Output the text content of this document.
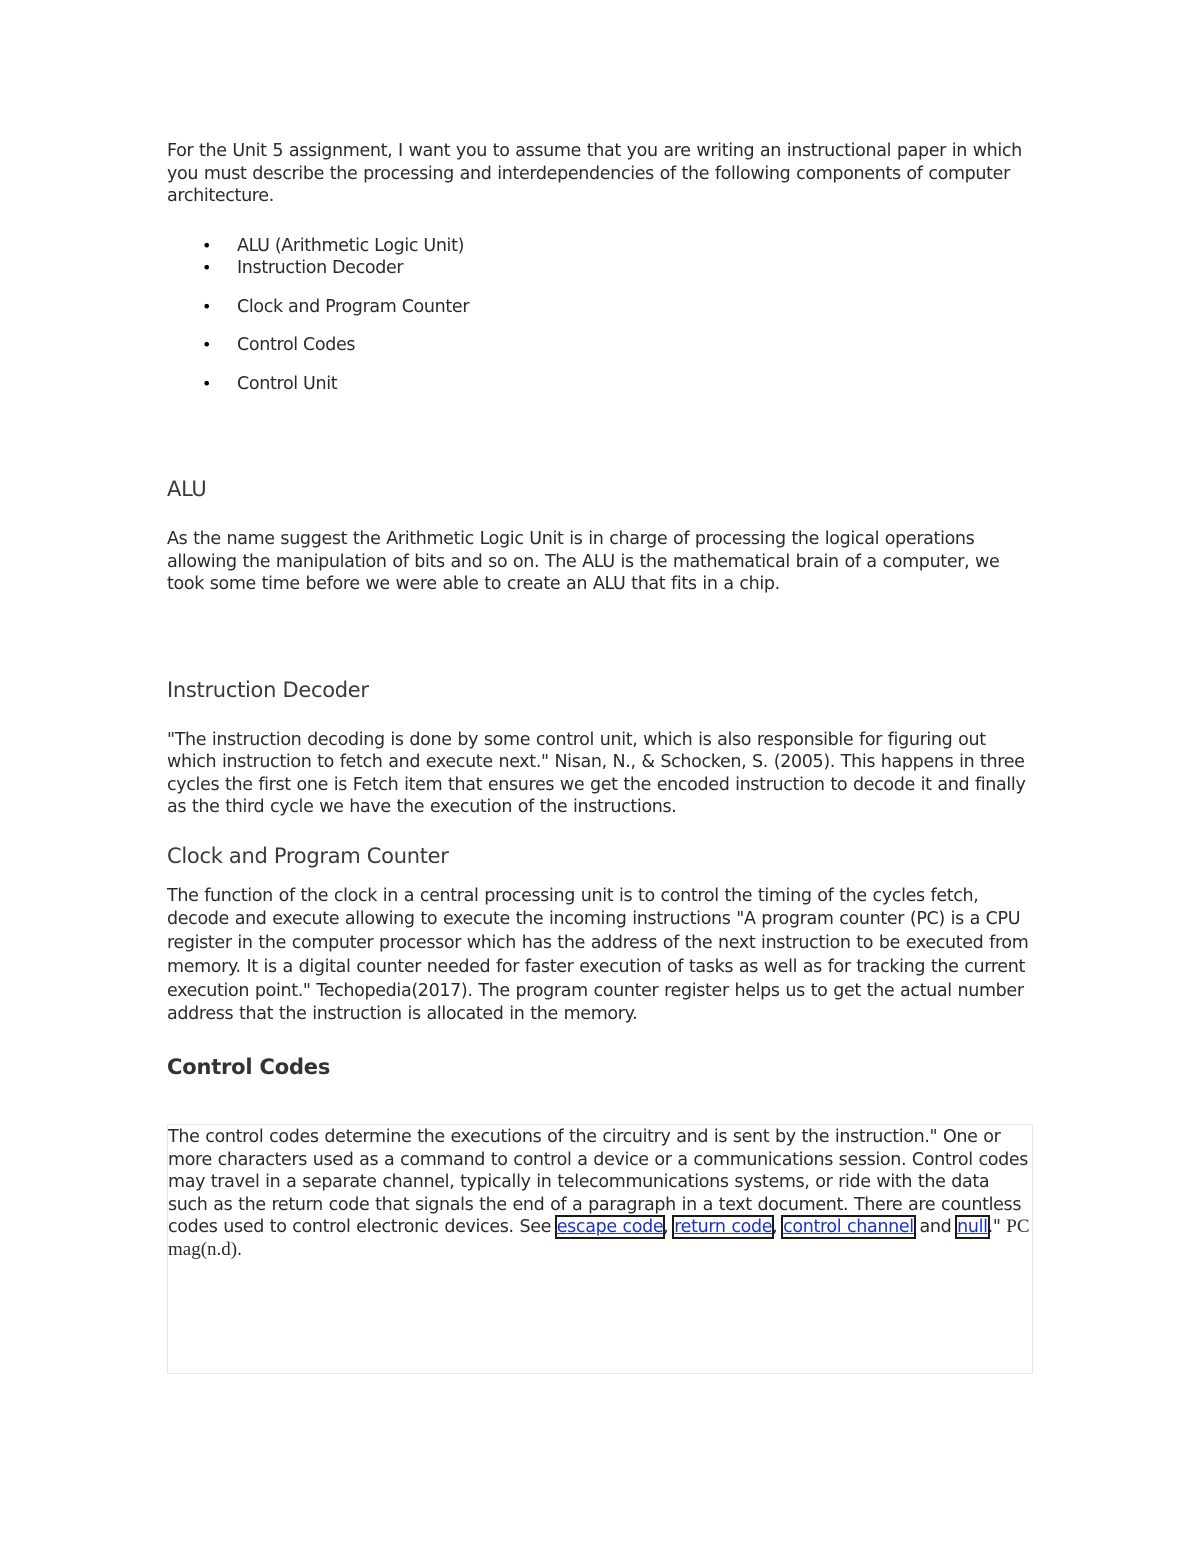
For the Unit 5 assignment, I want you to assume that you are writing an instructional paper in which you must describe the processing and interdependencies of the following components of computer architecture.

• ALU (Arithmetic Logic Unit)
• Instruction Decoder
• Clock and Program Counter
• Control Codes
• Control Unit
ALU

As the name suggest the Arithmetic Logic Unit is in charge of processing the logical operations allowing the manipulation of bits and so on. The ALU is the mathematical brain of a computer, we took some time before we were able to create an ALU that fits in a chip.

Instruction Decoder

"The instruction decoding is done by some control unit, which is also responsible for figuring out which instruction to fetch and execute next." Nisan, N., & Schocken, S. (2005). This happens in three cycles the first one is Fetch item that ensures we get the encoded instruction to decode it and finally as the third cycle we have the execution of the instructions.

Clock and Program Counter

The function of the clock in a central processing unit is to control the timing of the cycles fetch, decode and execute allowing to execute the incoming instructions "A program counter (PC) is a CPU register in the computer processor which has the address of the next instruction to be executed from memory. It is a digital counter needed for faster execution of tasks as well as for tracking the current execution point." Techopedia(2017). The program counter register helps us to get the actual number address that the instruction is allocated in the memory.

Control Codes

The control codes determine the executions of the circuitry and is sent by the instruction." One or more characters used as a command to control a device or a communications session. Control codes may travel in a separate channel, typically in telecommunications systems, or ride with the data such as the return code that signals the end of a paragraph in a text document. There are countless codes used to control electronic devices. See escape code, return code, control channel and null." PC mag(n.d).
